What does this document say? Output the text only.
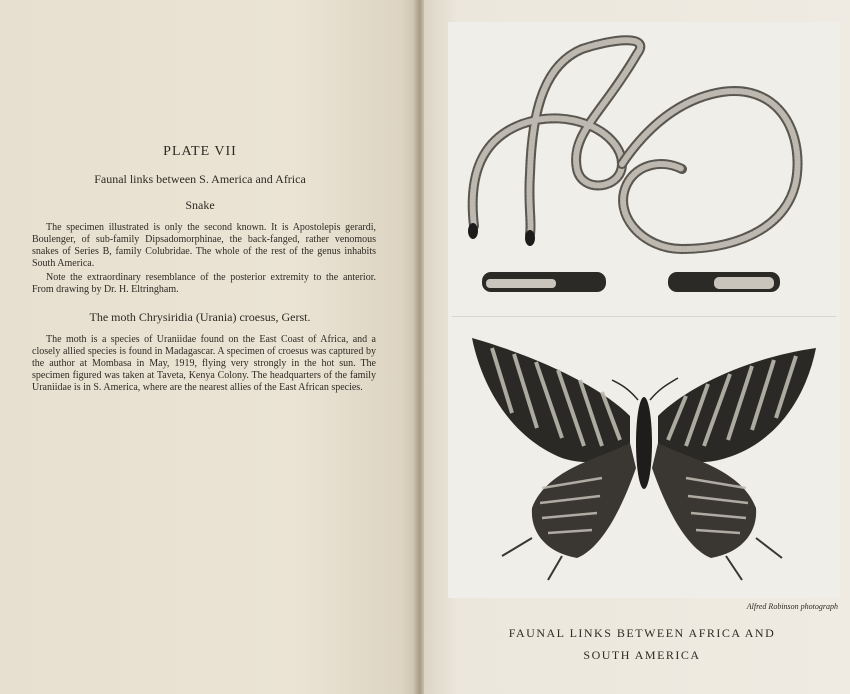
PLATE VII
Faunal links between S. America and Africa
Snake
The specimen illustrated is only the second known. It is Apostolepis gerardi, Boulenger, of sub-family Dipsadomorphinae, the back-fanged, rather venomous snakes of Series B, family Colubridae. The whole of the rest of the genus inhabits South America.
Note the extraordinary resemblance of the posterior extremity to the anterior. From drawing by Dr. H. Eltringham.
The moth Chrysiridia (Urania) croesus, Gerst.
The moth is a species of Uraniidae found on the East Coast of Africa, and a closely allied species is found in Madagascar. A specimen of croesus was captured by the author at Mombasa in May, 1919, flying very strongly in the hot sun. The specimen figured was taken at Taveta, Kenya Colony. The headquarters of the family Uraniidae is in S. America, where are the nearest allies of the East African species.
Alfred Robinson photograph
FAUNAL LINKS BETWEEN AFRICA AND
SOUTH AMERICA
